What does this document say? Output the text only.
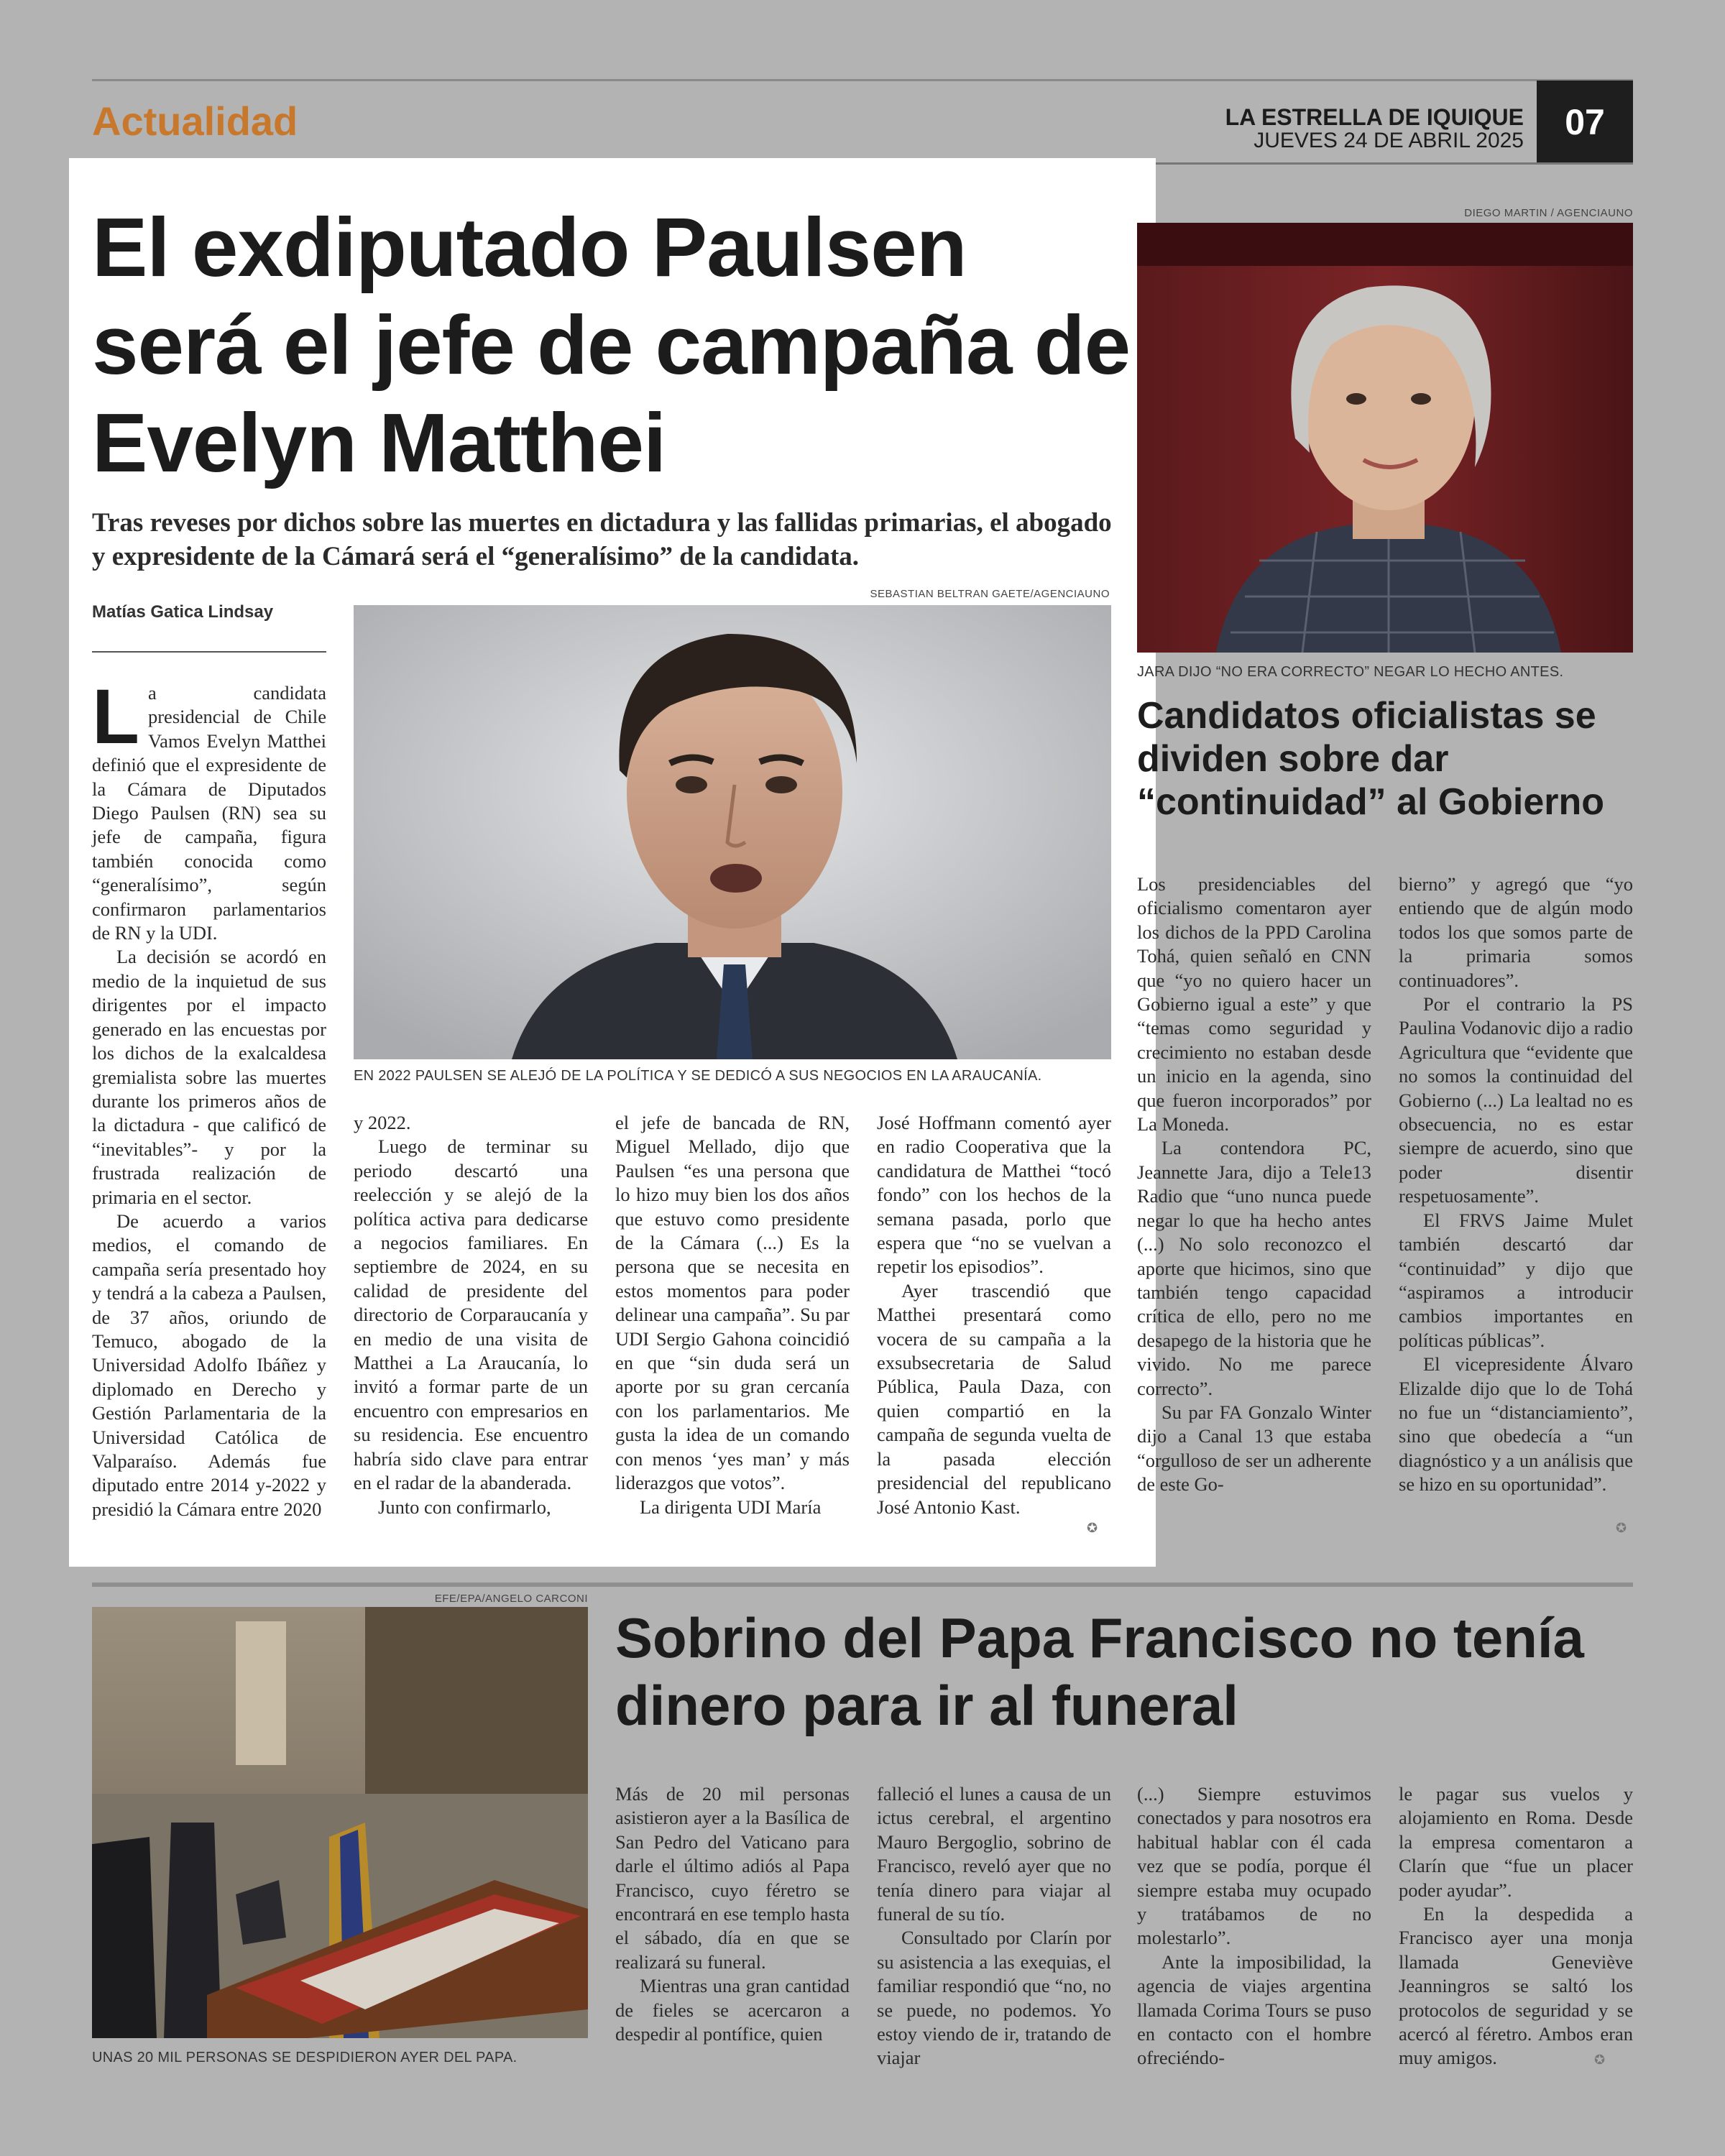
Actualidad	LA ESTRELLA DE IQUIQUE
JUEVES 24 DE ABRIL 2025	07
El exdiputado Paulsen será el jefe de campaña de Evelyn Matthei
Tras reveses por dichos sobre las muertes en dictadura y las fallidas primarias, el abogado y expresidente de la Cámará será el “generalísimo” de la candidata.
SEBASTIAN BELTRAN GAETE/AGENCIAUNO
Matías Gatica Lindsay
EN 2022 PAULSEN SE ALEJÓ DE LA POLÍTICA Y SE DEDICÓ A SUS NEGOCIOS EN LA ARAUCANÍA.

La candidata presidencial de Chile Vamos Evelyn Matthei definió que el expresidente de la Cámara de Diputados Diego Paulsen (RN) sea su jefe de campaña, figura también conocida como “generalísimo”, según confirmaron parlamentarios de RN y la UDI.

La decisión se acordó en medio de la inquietud de sus dirigentes por el impacto generado en las encuestas por los dichos de la exalcaldesa gremialista sobre las muertes durante los primeros años de la dictadura - que calificó de “inevitables”- y por la frustrada realización de primaria en el sector.

De acuerdo a varios medios, el comando de campaña sería presentado hoy y tendrá a la cabeza a Paulsen, de 37 años, oriundo de Temuco, abogado de la Universidad Adolfo Ibáñez y diplomado en Derecho y Gestión Parlamentaria de la Universidad Católica de Valparaíso. Además fue diputado entre 2014 y-2022 y presidió la Cámara entre 2020

y 2022.

Luego de terminar su periodo descartó una reelección y se alejó de la política activa para dedicarse a negocios familiares. En septiembre de 2024, en su calidad de presidente del directorio de Corparaucanía y en medio de una visita de Matthei a La Araucanía, lo invitó a formar parte de un encuentro con empresarios en su residencia. Ese encuentro habría sido clave para entrar en el radar de la abanderada.

Junto con confirmarlo,

el jefe de bancada de RN, Miguel Mellado, dijo que Paulsen “es una persona que lo hizo muy bien los dos años que estuvo como presidente de la Cámara (...) Es la persona que se necesita en estos momentos para poder delinear una campaña”. Su par UDI Sergio Gahona coincidió en que “sin duda será un aporte por su gran cercanía con los parlamentarios. Me gusta la idea de un comando con menos ‘yes man’ y más liderazgos que votos”.

La dirigenta UDI María

José Hoffmann comentó ayer en radio Cooperativa que la candidatura de Matthei “tocó fondo” con los hechos de la semana pasada, porlo que espera que “no se vuelvan a repetir los episodios”.

Ayer trascendió que Matthei presentará como vocera de su campaña a la exsubsecretaria de Salud Pública, Paula Daza, con quien compartió en la campaña de segunda vuelta de la pasada elección presidencial del republicano José Antonio Kast.

✪
DIEGO MARTIN / AGENCIAUNO
JARA DIJO “NO ERA CORRECTO” NEGAR LO HECHO ANTES.
Candidatos oficialistas se dividen sobre dar “continuidad” al Gobierno

Los presidenciables del oficialismo comentaron ayer los dichos de la PPD Carolina Tohá, quien señaló en CNN que “yo no quiero hacer un Gobierno igual a este” y que “temas como seguridad y crecimiento no estaban desde un inicio en la agenda, sino que fueron incorporados” por La Moneda.

La contendora PC, Jeannette Jara, dijo a Tele13 Radio que “uno nunca puede negar lo que ha hecho antes (...) No solo reconozco el aporte que hicimos, sino que también tengo capacidad crítica de ello, pero no me desapego de la historia que he vivido. No me parece correcto”.

Su par FA Gonzalo Winter dijo a Canal 13 que estaba “orgulloso de ser un adherente de este Go-

bierno” y agregó que “yo entiendo que de algún modo todos los que somos parte de la primaria somos continuadores”.

Por el contrario la PS Paulina Vodanovic dijo a radio Agricultura que “evidente que no somos la continuidad del Gobierno (...) La lealtad no es obsecuencia, no es estar siempre de acuerdo, sino que poder disentir respetuosamente”.

El FRVS Jaime Mulet también descartó dar “continuidad” y dijo que “aspiramos a introducir cambios importantes en políticas públicas”.

El vicepresidente Álvaro Elizalde dijo que lo de Tohá no fue un “distanciamiento”, sino que obedecía a “un diagnóstico y a un análisis que se hizo en su oportunidad”.

✪
EFE/EPA/ANGELO CARCONI
UNAS 20 MIL PERSONAS SE DESPIDIERON AYER DEL PAPA.
Sobrino del Papa Francisco no tenía dinero para ir al funeral

Más de 20 mil personas asistieron ayer a la Basílica de San Pedro del Vaticano para darle el último adiós al Papa Francisco, cuyo féretro se encontrará en ese templo hasta el sábado, día en que se realizará su funeral.

Mientras una gran cantidad de fieles se acercaron a despedir al pontífice, quien

falleció el lunes a causa de un ictus cerebral, el argentino Mauro Bergoglio, sobrino de Francisco, reveló ayer que no tenía dinero para viajar al funeral de su tío.

Consultado por Clarín por su asistencia a las exequias, el familiar respondió que “no, no se puede, no podemos. Yo estoy viendo de ir, tratando de viajar

(...) Siempre estuvimos conectados y para nosotros era habitual hablar con él cada vez que se podía, porque él siempre estaba muy ocupado y tratábamos de no molestarlo”.

Ante la imposibilidad, la agencia de viajes argentina llamada Corima Tours se puso en contacto con el hombre ofreciéndo-

le pagar sus vuelos y alojamiento en Roma. Desde la empresa comentaron a Clarín que “fue un placer poder ayudar”.

En la despedida a Francisco ayer una monja llamada Geneviève Jeanningros se saltó los protocolos de seguridad y se acercó al féretro. Ambos eran muy amigos.	✪
